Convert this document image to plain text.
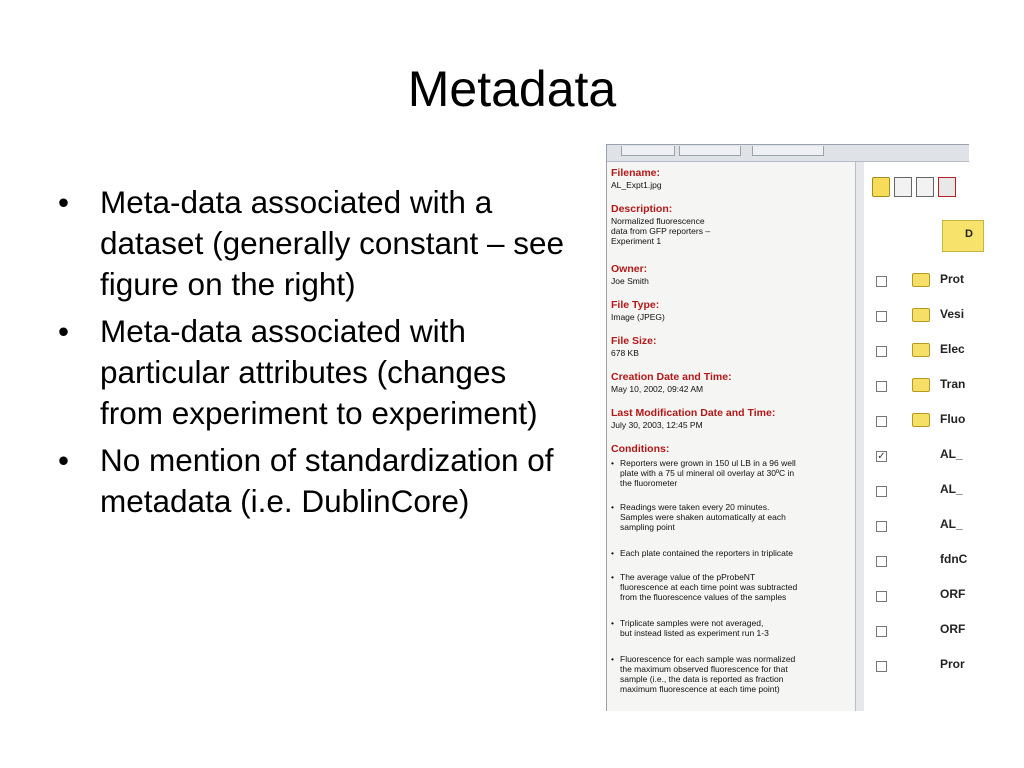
Metadata
• Meta-data associated with a dataset (generally constant – see figure on the right)
• Meta-data associated with particular attributes (changes from experiment to experiment)
• No mention of standardization of metadata (i.e. DublinCore)
Filename:
AL_Expt1.jpg
Description:
Normalized fluorescence
data from GFP reporters –
Experiment 1
Owner:
Joe Smith
File Type:
Image (JPEG)
File Size:
678 KB
Creation Date and Time:
May 10, 2002, 09:42 AM
Last Modification Date and Time:
July 30, 2003, 12:45 PM
Conditions:
• Reporters were grown in 150 ul LB in a 96 well
plate with a 75 ul mineral oil overlay at 30ºC in
the fluorometer
• Readings were taken every 20 minutes.
Samples were shaken automatically at each
sampling point
• Each plate contained the reporters in triplicate
• The average value of the pProbeNT
fluorescence at each time point was subtracted
from the fluorescence values of the samples
• Triplicate samples were not averaged,
but instead listed as experiment run 1-3
• Fluorescence for each sample was normalized
the maximum observed fluorescence for that
sample (i.e., the data is reported as fraction
maximum fluorescence at each time point)
D
Prot
Vesi
Elec
Tran
Fluo
✓	AL_
AL_
AL_
fdnC
ORF
ORF
Pror
